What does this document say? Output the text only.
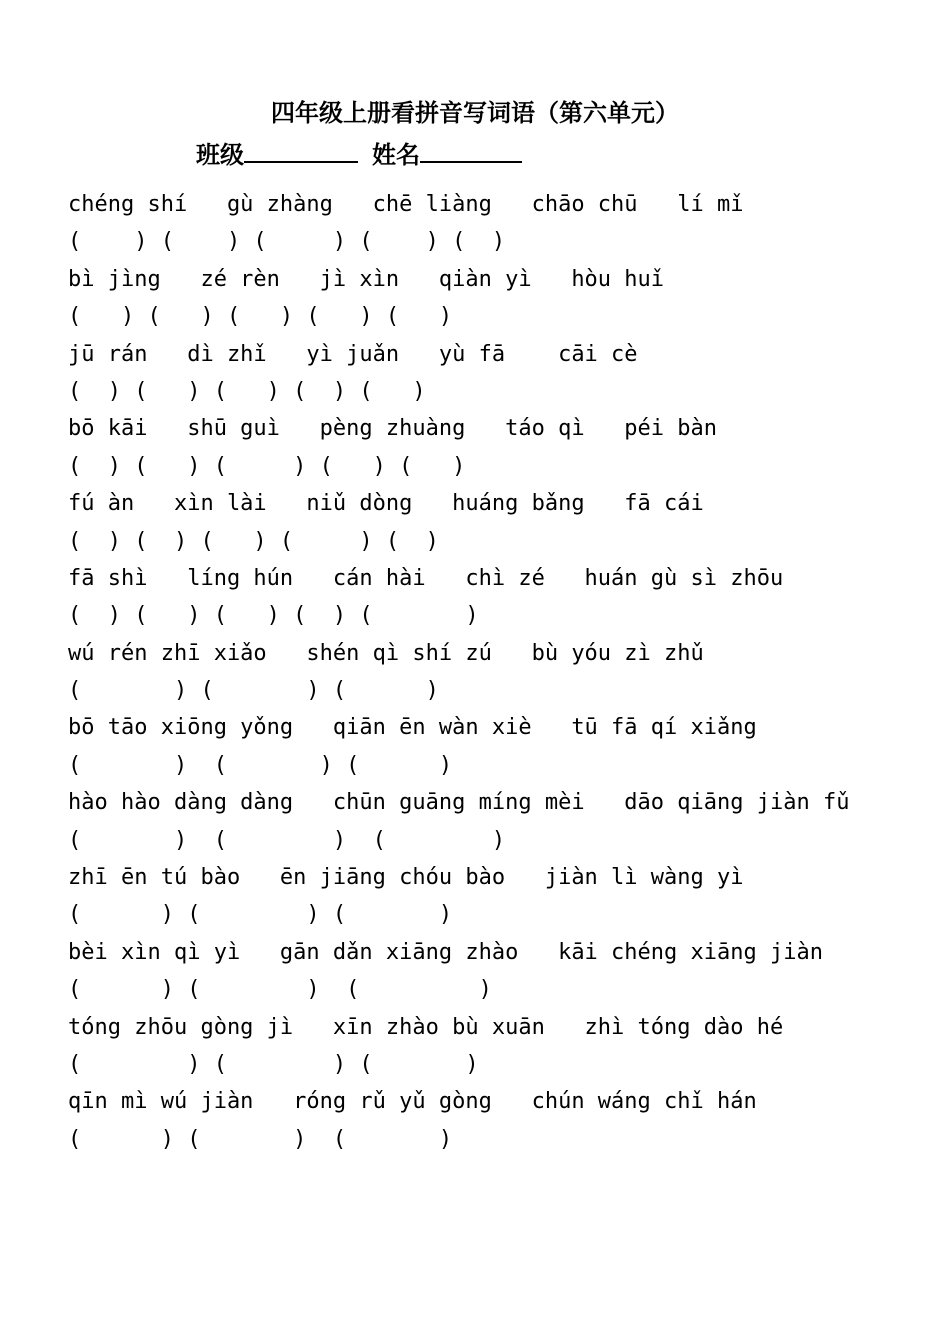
四年级上册看拼音写词语（第六单元）
班级	姓名
chéng shí   gù zhàng   chē liàng   chāo chū   lí mǐ
(    ) (    ) (     ) (    ) (  )
bì jìng   zé rèn   jì xìn   qiàn yì   hòu huǐ
(   ) (   ) (   ) (   ) (   )
jū rán   dì zhǐ   yì juǎn   yù fā    cāi cè
(  ) (   ) (   ) (  ) (   )
bō kāi   shū guì   pèng zhuàng   táo qì   péi bàn
(  ) (   ) (     ) (   ) (   )
fú àn   xìn lài   niǔ dòng   huáng bǎng   fā cái
(  ) (  ) (   ) (     ) (  )
fā shì   líng hún   cán hài   chì zé   huán gù sì zhōu
(  ) (   ) (   ) (  ) (       )
wú rén zhī xiǎo   shén qì shí zú   bù yóu zì zhǔ
(       ) (       ) (      )
bō tāo xiōng yǒng   qiān ēn wàn xiè   tū fā qí xiǎng
(       )  (       ) (      )
hào hào dàng dàng   chūn guāng míng mèi   dāo qiāng jiàn fǔ
(       )  (        )  (        )
zhī ēn tú bào   ēn jiāng chóu bào   jiàn lì wàng yì
(      ) (        ) (       )
bèi xìn qì yì   gān dǎn xiāng zhào   kāi chéng xiāng jiàn
(      ) (        )  (         )
tóng zhōu gòng jì   xīn zhào bù xuān   zhì tóng dào hé
(        ) (        ) (       )
qīn mì wú jiàn   róng rǔ yǔ gòng   chún wáng chǐ hán
(      ) (       )  (       )
